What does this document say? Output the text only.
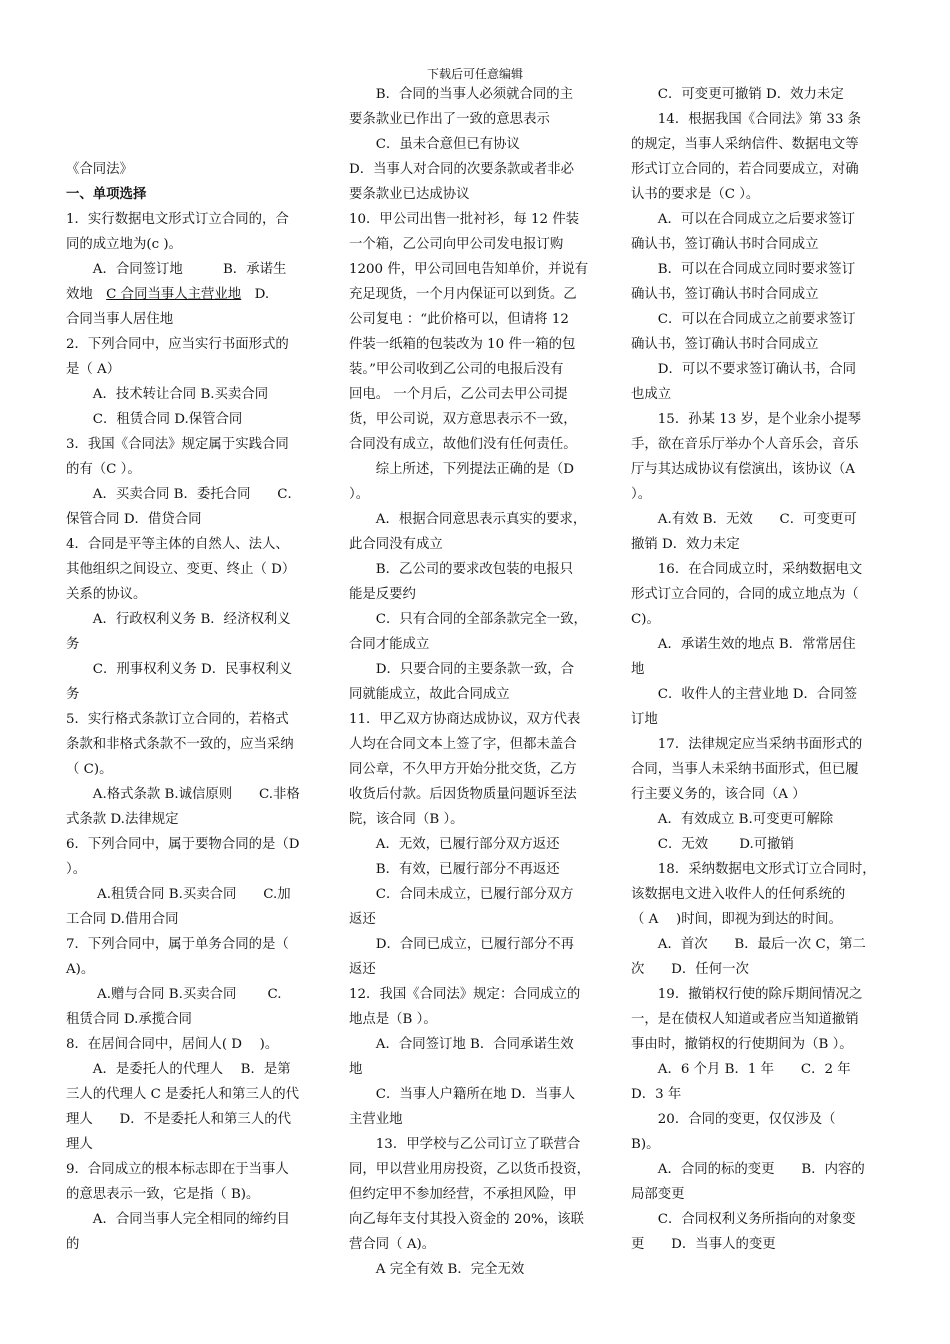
下载后可任意编辑
《合同法》
一、单项选择
1．实行数据电文形式订立合同的，合
同的成立地为(c )。
　　A．合同签订地　　　B．承诺生
效地　C 合同当事人主营业地　D.
合同当事人居住地
2．下列合同中，应当实行书面形式的
是（ A）
　　A．技术转让合同 B.买卖合同
　　C．租赁合同 D.保管合同
3．我国《合同法》规定属于实践合同
的有（C ）。
　　A．买卖合同 B．委托合同　　C．
保管合同 D．借贷合同
4．合同是平等主体的自然人、法人、
其他组织之间设立、变更、终止（ D）
关系的协议。
　　A．行政权利义务 B．经济权利义
务
　　C．刑事权利义务 D．民事权利义
务
5．实行格式条款订立合同的，若格式
条款和非格式条款不一致的，应当采纳
（ C)。
　　A.格式条款 B.诚信原则　　C.非格
式条款 D.法律规定
6．下列合同中，属于要物合同的是（D
）。
　　 A.租赁合同 B.买卖合同　　C.加
工合同 D.借用合同
7．下列合同中，属于单务合同的是（
A)。
　　 A.赠与合同 B.买卖合同　　 C.
租赁合同 D.承揽合同
8．在居间合同中，居间人( D　 )。
　　A．是委托人的代理人　 B．是第
三人的代理人 C 是委托人和第三人的代
理人　　D．不是委托人和第三人的代
理人
9．合同成立的根本标志即在于当事人
的意思表示一致，它是指（ B)。
　　A．合同当事人完全相同的缔约目
的
　　B．合同的当事人必须就合同的主
要条款业已作出了一致的意思表示
　　C．虽未合意但已有协议
D．当事人对合同的次要条款或者非必
要条款业已达成协议
10．甲公司出售一批衬衫，每 12 件装
一个箱，乙公司向甲公司发电报订购
1200 件，甲公司回电告知单价，并说有
充足现货，一个月内保证可以到货。乙
公司复电 ：“此价格可以，但请将 12
件装一纸箱的包装改为 10 件一箱的包
装。”甲公司收到乙公司的电报后没有
回电。 一个月后，乙公司去甲公司提
货，甲公司说，双方意思表示不一致，
合同没有成立，故他们没有任何责任。
　　综上所述，下列提法正确的是（D
）。
　　A．根据合同意思表示真实的要求，
此合同没有成立
　　B．乙公司的要求改包装的电报只
能是反要约
　　C．只有合同的全部条款完全一致，
合同才能成立
　　D．只要合同的主要条款一致，合
同就能成立，故此合同成立
11．甲乙双方协商达成协议，双方代表
人均在合同文本上签了字，但都未盖合
同公章，不久甲方开始分批交货，乙方
收货后付款。后因货物质量问题诉至法
院，该合同（B ）。
　　A．无效，已履行部分双方返还
　　B．有效，已履行部分不再返还
　　C．合同未成立，已履行部分双方
返还
　　D．合同已成立，已履行部分不再
返还
12．我国《合同法》规定：合同成立的
地点是（B ）。
　　A．合同签订地 B．合同承诺生效
地
　　C．当事人户籍所在地 D．当事人
主营业地
　　13．甲学校与乙公司订立了联营合
同，甲以营业用房投资，乙以货币投资，
但约定甲不参加经营，不承担风险，甲
向乙每年支付其投入资金的 20%，该联
营合同（ A)。
　　A 完全有效 B．完全无效
　　C．可变更可撤销 D．效力未定
　　14．根据我国《合同法》第 33 条
的规定，当事人采纳信件、数据电文等
形式订立合同的，若合同要成立，对确
认书的要求是（C ）。
　　A．可以在合同成立之后要求签订
确认书，签订确认书时合同成立
　　B．可以在合同成立同时要求签订
确认书，签订确认书时合同成立
　　C．可以在合同成立之前要求签订
确认书，签订确认书时合同成立
　　D．可以不要求签订确认书，合同
也成立
　　15．孙某 13 岁，是个业余小提琴
手，欲在音乐厅举办个人音乐会，音乐
厅与其达成协议有偿演出，该协议（A
）。
　　A.有效 B．无效　　C．可变更可
撤销 D．效力未定
　　16．在合同成立时，采纳数据电文
形式订立合同的，合同的成立地点为（
C)。
　　A．承诺生效的地点 B．常常居住
地
　　C．收件人的主营业地 D．合同签
订地
　　17．法律规定应当采纳书面形式的
合同，当事人未采纳书面形式，但已履
行主要义务的，该合同（A ）
　　A．有效成立 B.可变更可解除
　　C．无效　　 D.可撤销
　　18．采纳数据电文形式订立合同时，
该数据电文进入收件人的任何系统的
（ A　 )时间，即视为到达的时间。
　　A．首次　　B．最后一次 C，第二
次　　D．任何一次
　　19．撤销权行使的除斥期间情况之
一，是在债权人知道或者应当知道撤销
事由时，撤销权的行使期间为（B ）。
　　A．6 个月 B．1 年　　C．2 年
D．3 年
　　20．合同的变更，仅仅涉及（
B)。
　　A．合同的标的变更　　B．内容的
局部变更
　　C．合同权利义务所指向的对象变
更　　D．当事人的变更
